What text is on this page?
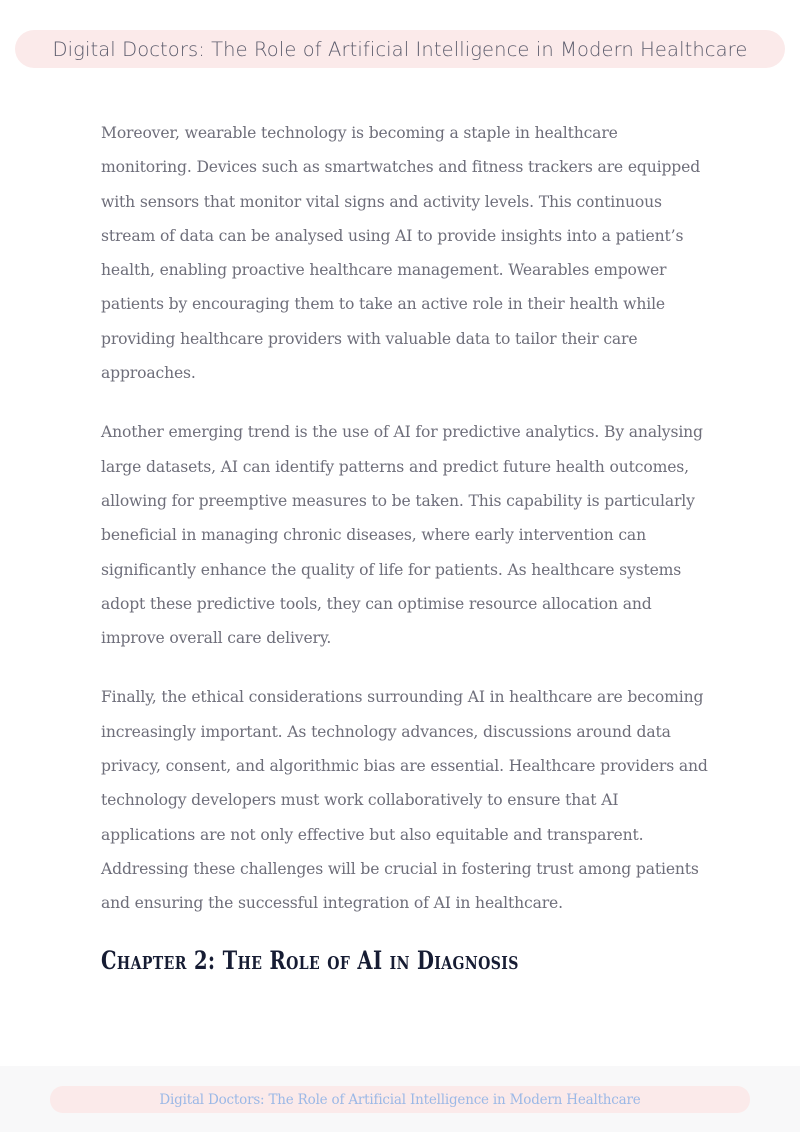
Digital Doctors: The Role of Artificial Intelligence in Modern Healthcare

Moreover, wearable technology is becoming a staple in healthcare monitoring. Devices such as smartwatches and fitness trackers are equipped with sensors that monitor vital signs and activity levels. This continuous stream of data can be analysed using AI to provide insights into a patient’s health, enabling proactive healthcare management. Wearables empower patients by encouraging them to take an active role in their health while providing healthcare providers with valuable data to tailor their care approaches.

Another emerging trend is the use of AI for predictive analytics. By analysing large datasets, AI can identify patterns and predict future health outcomes, allowing for preemptive measures to be taken. This capability is particularly beneficial in managing chronic diseases, where early intervention can significantly enhance the quality of life for patients. As healthcare systems adopt these predictive tools, they can optimise resource allocation and improve overall care delivery.

Finally, the ethical considerations surrounding AI in healthcare are becoming increasingly important. As technology advances, discussions around data privacy, consent, and algorithmic bias are essential. Healthcare providers and technology developers must work collaboratively to ensure that AI applications are not only effective but also equitable and transparent. Addressing these challenges will be crucial in fostering trust among patients and ensuring the successful integration of AI in healthcare.

Chapter 2: The Role of AI in Diagnosis
Digital Doctors: The Role of Artificial Intelligence in Modern Healthcare
